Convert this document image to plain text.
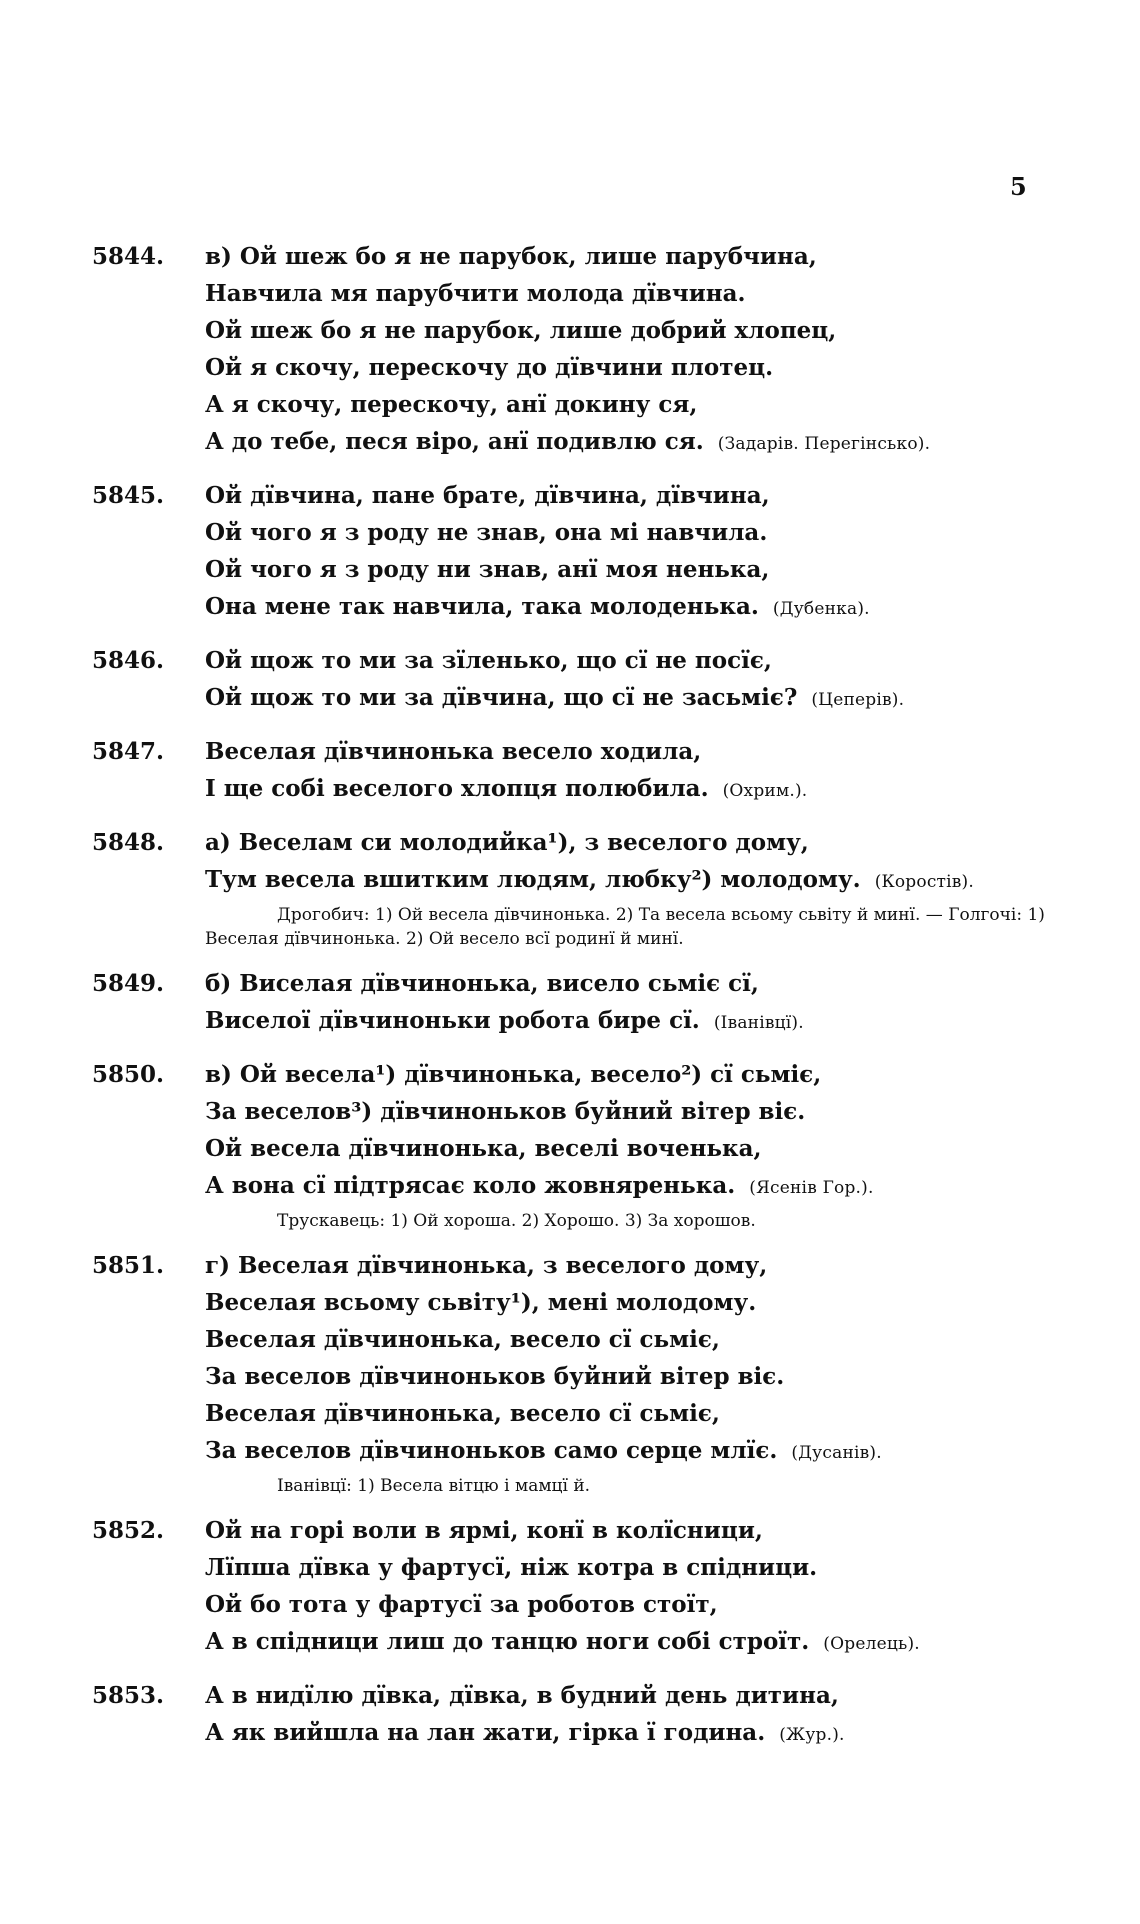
5
5844.	в) Ой шеж бо я не парубок, лише парубчина,
Навчила мя парубчити молода дївчина.
Ой шеж бо я не парубок, лише добрий хлопец,
Ой я скочу, перескочу до дївчини плотец.
А я скочу, перескочу, анї докину ся,
А до тебе, песя віро, анї подивлю ся. (Задарів. Перегінсько).
5845.	Ой дївчина, пане брате, дївчина, дївчина,
Ой чого я з роду не знав, она мі навчила.
Ой чого я з роду ни знав, анї моя ненька,
Она мене так навчила, така молоденька. (Дубенка).
5846.	Ой щож то ми за зїленько, що сї не посїє,
Ой щож то ми за дївчина, що сї не засьміє? (Цеперів).
5847.	Веселая дївчинонька весело ходила,
І ще собі веселого хлопця полюбила. (Охрим.).
5848.	а) Веселам си молодийка¹), з веселого дому,
Тум весела вшитким людям, любку²) молодому. (Коростів).
Дрогобич: 1) Ой весела дївчинонька. 2) Та весела всьому сьвіту й минї. — Голгочі: 1) Веселая дївчинонька. 2) Ой весело всї родинї й минї.
5849.	б) Виселая дївчинонька, висело сьміє сї,
Виселої дївчиноньки робота бире сї. (Іванівцї).
5850.	в) Ой весела¹) дївчинонька, весело²) сї сьміє,
За веселов³) дївчиноньков буйний вітер віє.
Ой весела дївчинонька, веселі воченька,
А вона сї підтрясає коло жовняренька. (Ясенів Гор.).
Трускавець: 1) Ой хороша. 2) Хорошо. 3) За хорошов.
5851.	г) Веселая дївчинонька, з веселого дому,
Веселая всьому сьвіту¹), мені молодому.
Веселая дївчинонька, весело сї сьміє,
За веселов дївчиноньков буйний вітер віє.
Веселая дївчинонька, весело сї сьміє,
За веселов дївчиноньков само серце млїє. (Дусанів).
Іванівцї: 1) Весела вітцю і мамцї й.
5852.	Ой на горі воли в ярмі, конї в колїсници,
Лїпша дївка у фартусї, ніж котра в спідници.
Ой бо тота у фартусї за роботов стоїт,
А в спідници лиш до танцю ноги собі строїт. (Орелець).
5853.	А в нидїлю дївка, дївка, в будний день дитина,
А як вийшла на лан жати, гірка ї година. (Жур.).
